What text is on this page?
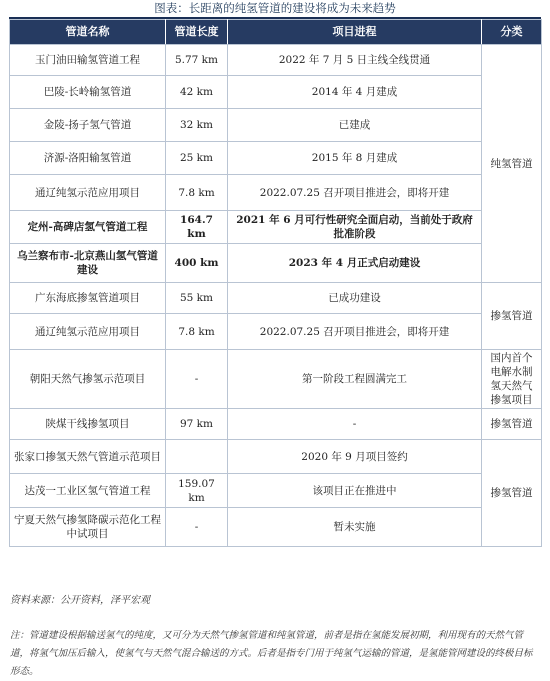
图表：长距离的纯氢管道的建设将成为未来趋势
管道名称	管道长度	项目进程	分类
玉门油田输氢管道工程	5.77 km	2022 年 7 月 5 日主线全线贯通	纯氢管道
巴陵-长岭输氢管道	42 km	2014 年 4 月建成	
金陵-扬子氢气管道	32 km	已建成	
济源-洛阳输氢管道	25 km	2015 年 8 月建成	
通辽纯氢示范应用项目	7.8 km	2022.07.25 召开项目推进会，即将开建	
定州-高碑店氢气管道工程	164.7 km	2021 年 6 月可行性研究全面启动，当前处于政府批准阶段	
乌兰察布市-北京燕山氢气管道建设	400 km	2023 年 4 月正式启动建设	
广东海底掺氢管道项目	55 km	已成功建设	掺氢管道
通辽纯氢示范应用项目	7.8 km	2022.07.25 召开项目推进会，即将开建	
朝阳天然气掺氢示范项目	-	第一阶段工程圆满完工	国内首个电解水制氢天然气掺氢项目
陕煤干线掺氢项目	97 km	-	掺氢管道
张家口掺氢天然气管道示范项目		2020 年 9 月项目签约	掺氢管道
达茂一工业区氢气管道工程	159.07 km	该项目正在推进中	
宁夏天然气掺氢降碳示范化工程中试项目	-	暂未实施	
资料来源：公开资料，泽平宏观
注：管道建设根据输送氢气的纯度，又可分为天然气掺氢管道和纯氢管道，前者是指在氢能发展初期，利用现有的天然气管道，将氢气加压后输入，使氢气与天然气混合输送的方式。后者是指专门用于纯氢气运输的管道，是氢能管网建设的终极目标形态。
